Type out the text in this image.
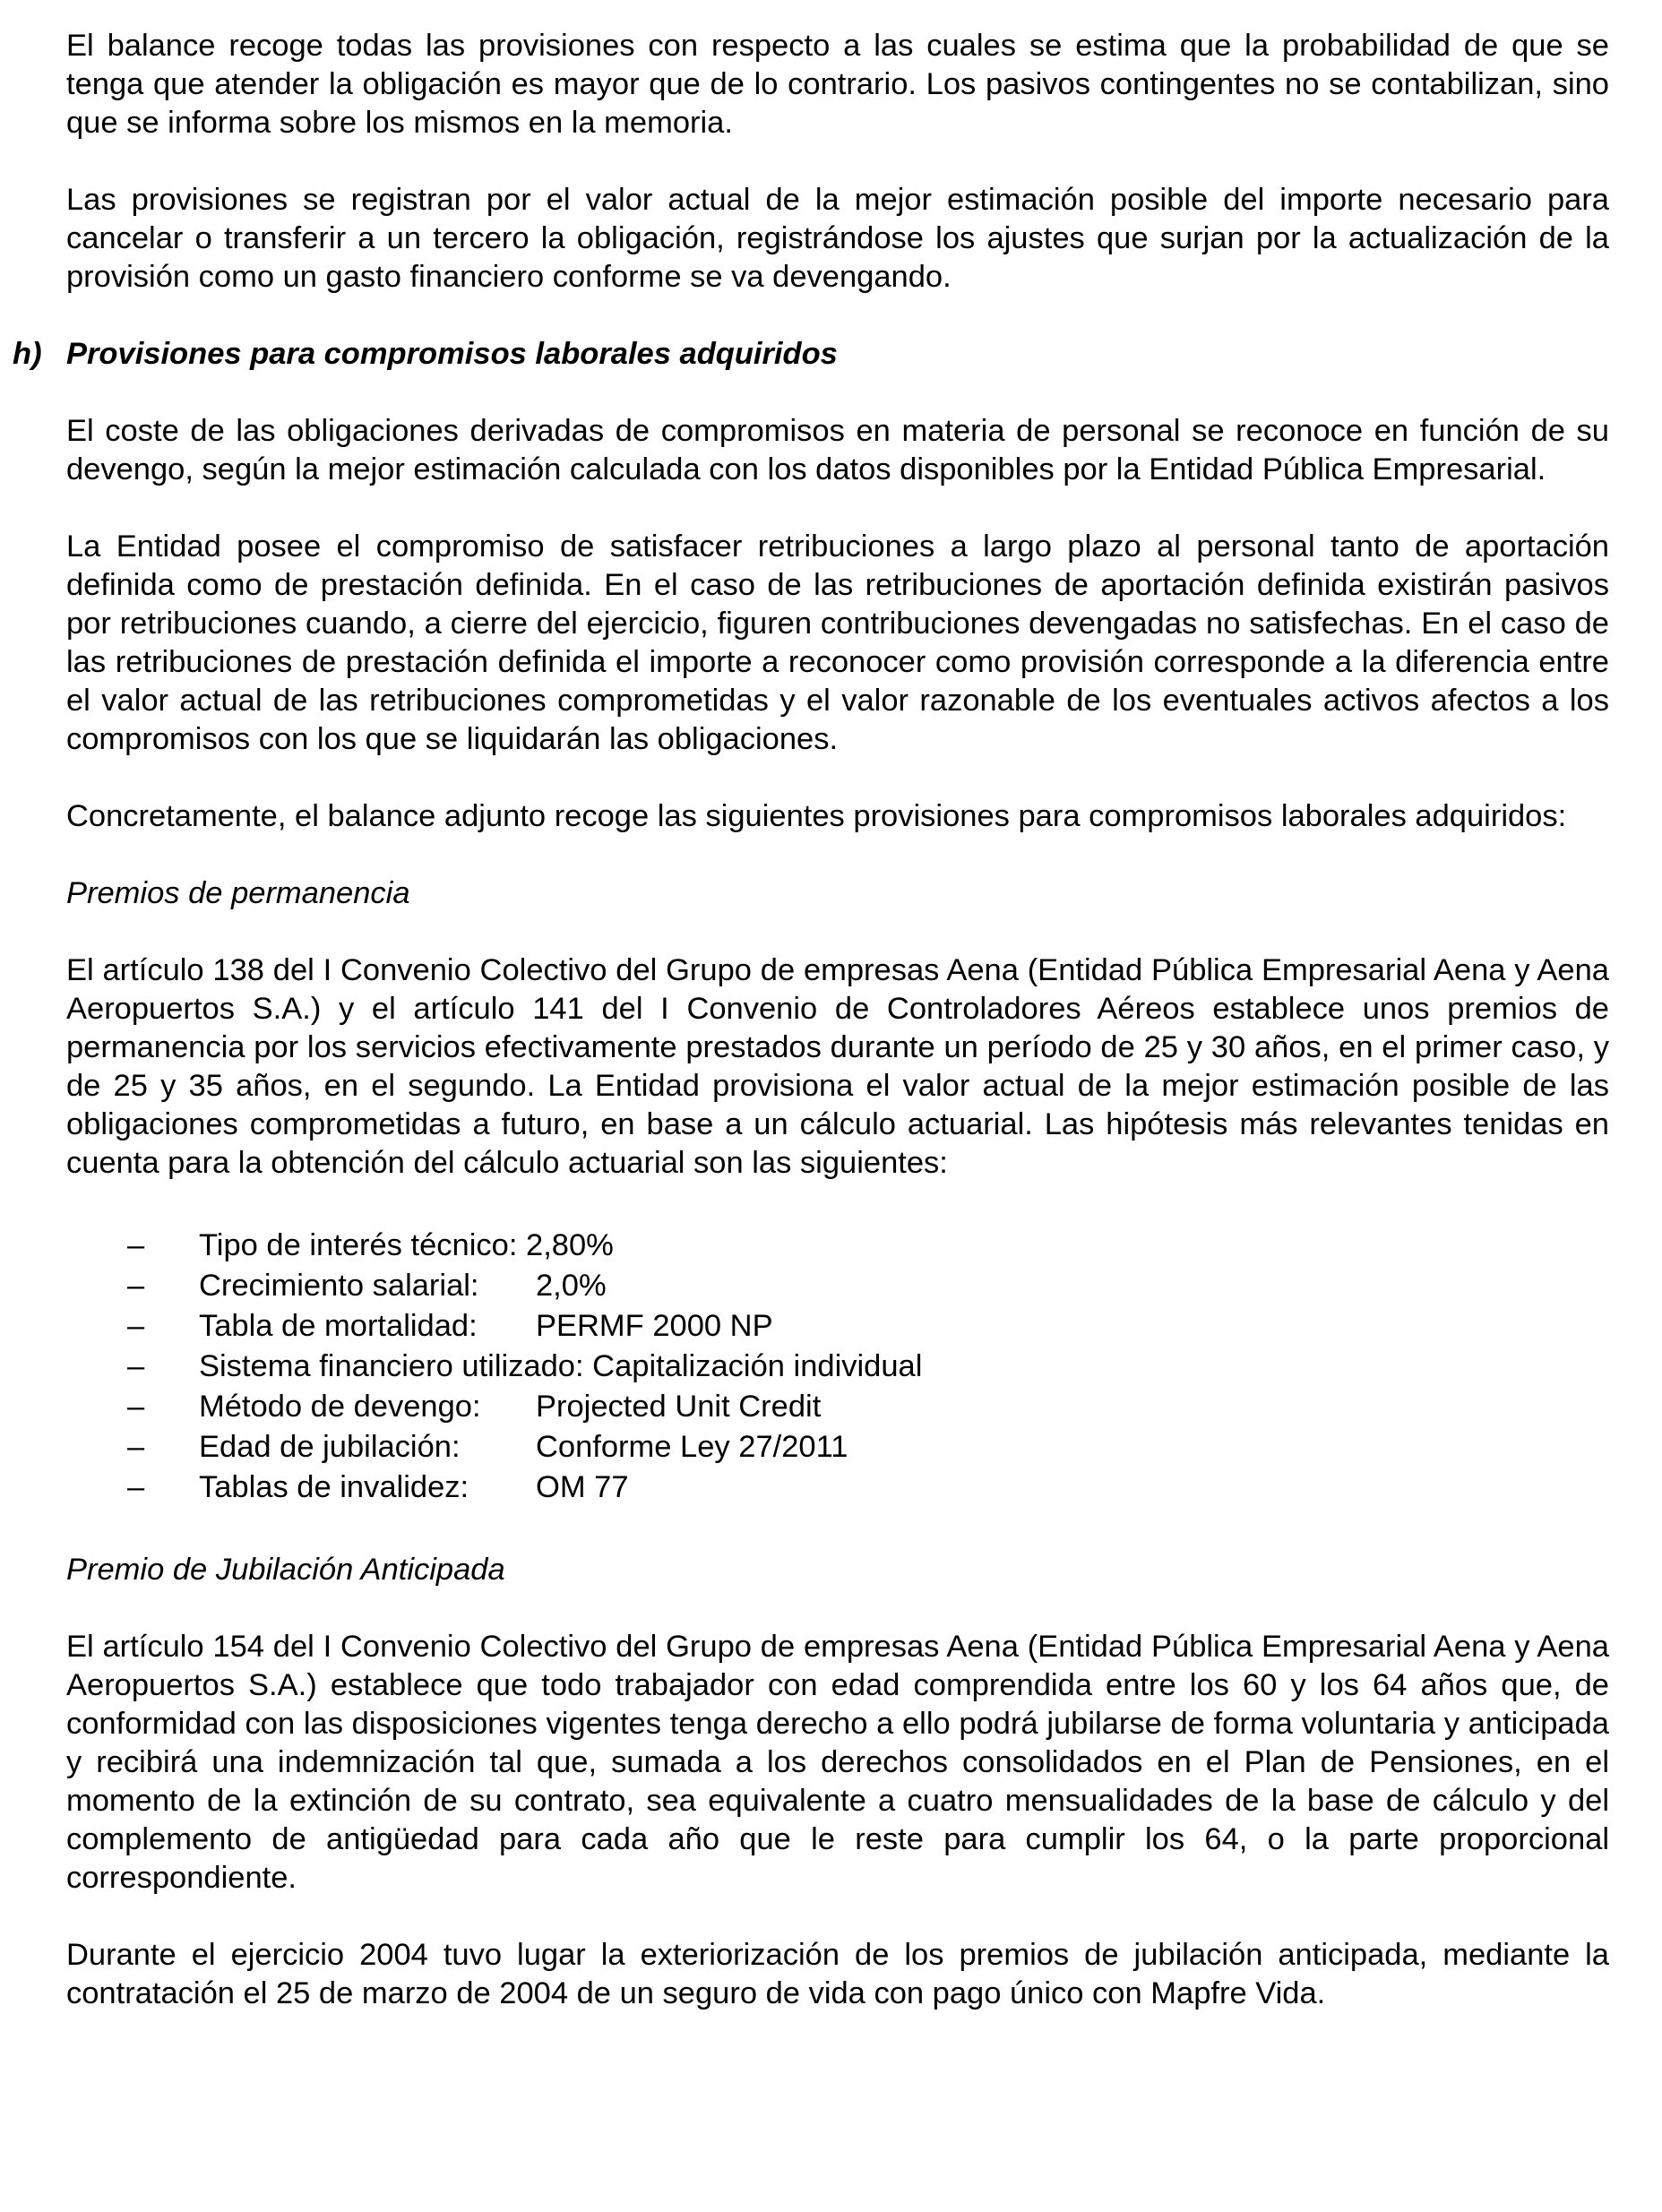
El balance recoge todas las provisiones con respecto a las cuales se estima que la probabilidad de que se tenga que atender la obligación es mayor que de lo contrario. Los pasivos contingentes no se contabilizan, sino que se informa sobre los mismos en la memoria.

Las provisiones se registran por el valor actual de la mejor estimación posible del importe necesario para cancelar o transferir a un tercero la obligación, registrándose los ajustes que surjan por la actualización de la provisión como un gasto financiero conforme se va devengando.

h) Provisiones para compromisos laborales adquiridos

El coste de las obligaciones derivadas de compromisos en materia de personal se reconoce en función de su devengo, según la mejor estimación calculada con los datos disponibles por la Entidad Pública Empresarial.

La Entidad posee el compromiso de satisfacer retribuciones a largo plazo al personal tanto de aportación definida como de prestación definida. En el caso de las retribuciones de aportación definida existirán pasivos por retribuciones cuando, a cierre del ejercicio, figuren contribuciones devengadas no satisfechas. En el caso de las retribuciones de prestación definida el importe a reconocer como provisión corresponde a la diferencia entre el valor actual de las retribuciones comprometidas y el valor razonable de los eventuales activos afectos a los compromisos con los que se liquidarán las obligaciones.

Concretamente, el balance adjunto recoge las siguientes provisiones para compromisos laborales adquiridos:

Premios de permanencia

El artículo 138 del I Convenio Colectivo del Grupo de empresas Aena (Entidad Pública Empresarial Aena y Aena Aeropuertos S.A.) y el artículo 141 del I Convenio de Controladores Aéreos establece unos premios de permanencia por los servicios efectivamente prestados durante un período de 25 y 30 años, en el primer caso, y de 25 y 35 años, en el segundo. La Entidad provisiona el valor actual de la mejor estimación posible de las obligaciones comprometidas a futuro, en base a un cálculo actuarial. Las hipótesis más relevantes tenidas en cuenta para la obtención del cálculo actuarial son las siguientes:

– Tipo de interés técnico: 2,80%
– Crecimiento salarial: 2,0%
– Tabla de mortalidad: PERMF 2000 NP
– Sistema financiero utilizado: Capitalización individual
– Método de devengo: Projected Unit Credit
– Edad de jubilación: Conforme Ley 27/2011
– Tablas de invalidez: OM 77

Premio de Jubilación Anticipada

El artículo 154 del I Convenio Colectivo del Grupo de empresas Aena (Entidad Pública Empresarial Aena y Aena Aeropuertos S.A.) establece que todo trabajador con edad comprendida entre los 60 y los 64 años que, de conformidad con las disposiciones vigentes tenga derecho a ello podrá jubilarse de forma voluntaria y anticipada y recibirá una indemnización tal que, sumada a los derechos consolidados en el Plan de Pensiones, en el momento de la extinción de su contrato, sea equivalente a cuatro mensualidades de la base de cálculo y del complemento de antigüedad para cada año que le reste para cumplir los 64, o la parte proporcional correspondiente.

Durante el ejercicio 2004 tuvo lugar la exteriorización de los premios de jubilación anticipada, mediante la contratación el 25 de marzo de 2004 de un seguro de vida con pago único con Mapfre Vida.
